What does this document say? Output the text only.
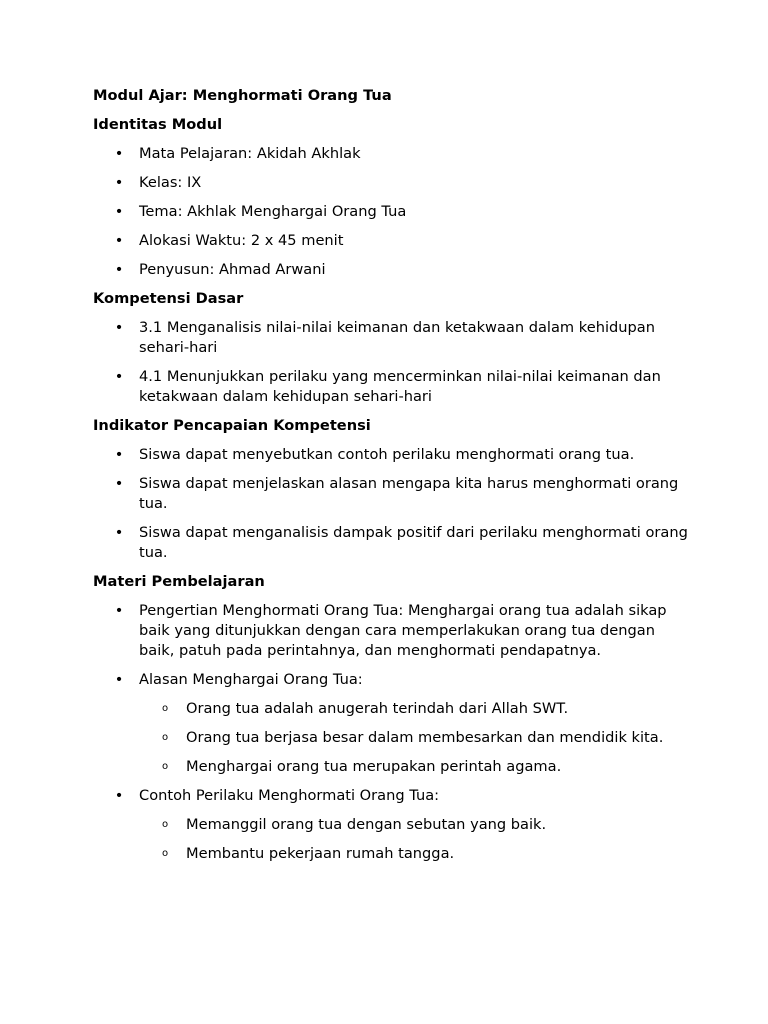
Modul Ajar: Menghormati Orang Tua

Identitas Modul

• Mata Pelajaran: Akidah Akhlak
• Kelas: IX
• Tema: Akhlak Menghargai Orang Tua
• Alokasi Waktu: 2 x 45 menit
• Penyusun: Ahmad Arwani

Kompetensi Dasar

• 3.1 Menganalisis nilai-nilai keimanan dan ketakwaan dalam kehidupan sehari-hari
• 4.1 Menunjukkan perilaku yang mencerminkan nilai-nilai keimanan dan ketakwaan dalam kehidupan sehari-hari

Indikator Pencapaian Kompetensi

• Siswa dapat menyebutkan contoh perilaku menghormati orang tua.
• Siswa dapat menjelaskan alasan mengapa kita harus menghormati orang tua.
• Siswa dapat menganalisis dampak positif dari perilaku menghormati orang tua.

Materi Pembelajaran

• Pengertian Menghormati Orang Tua: Menghargai orang tua adalah sikap baik yang ditunjukkan dengan cara memperlakukan orang tua dengan baik, patuh pada perintahnya, dan menghormati pendapatnya.
• Alasan Menghargai Orang Tua:
o Orang tua adalah anugerah terindah dari Allah SWT.
o Orang tua berjasa besar dalam membesarkan dan mendidik kita.
o Menghargai orang tua merupakan perintah agama.
• Contoh Perilaku Menghormati Orang Tua:
o Memanggil orang tua dengan sebutan yang baik.
o Membantu pekerjaan rumah tangga.
